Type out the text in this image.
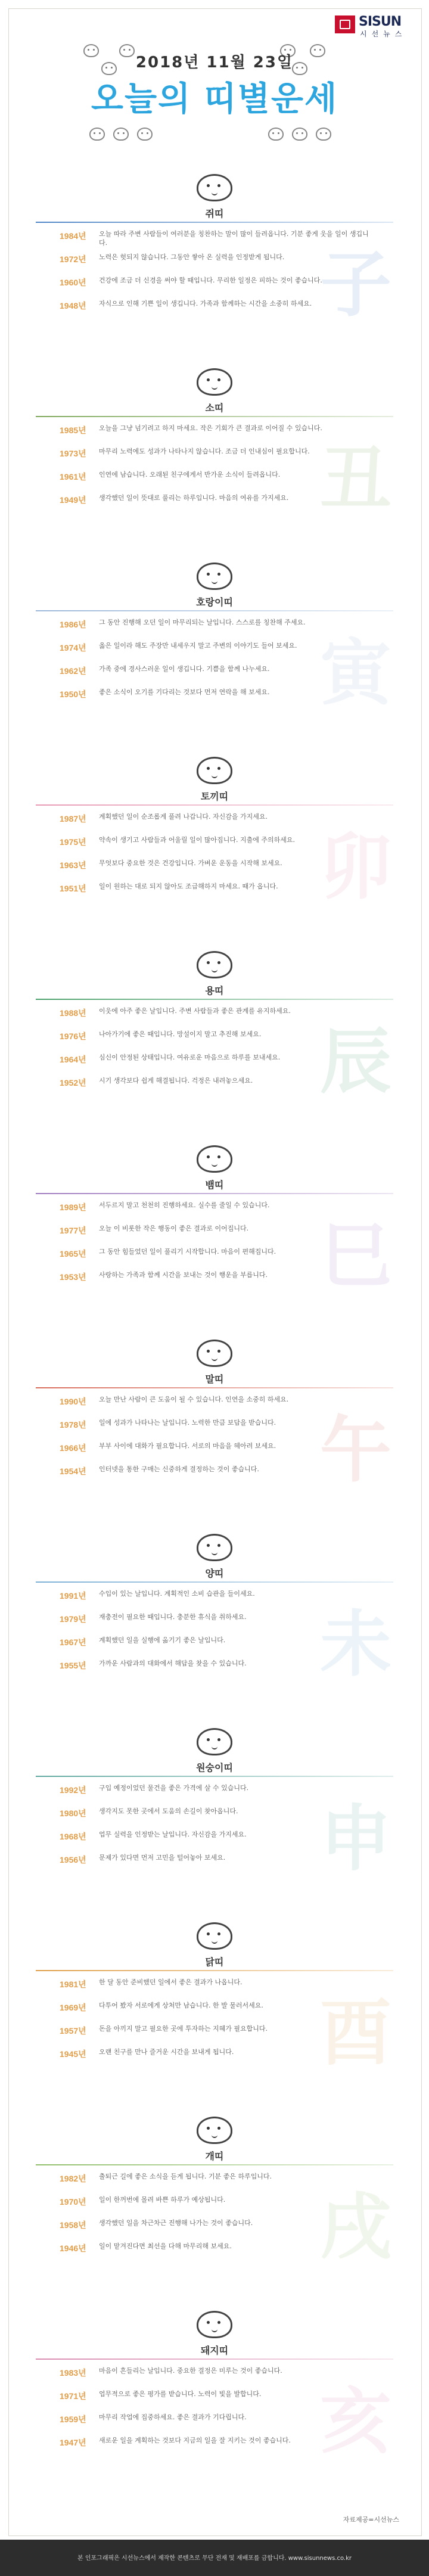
SISUN
시선뉴스
2018년 11월 23일
오늘의 띠별운세
子
쥐띠
1984년	오늘 따라 주변 사람들이 여러분을 칭찬하는 말이 많이 들려옵니다. 기분 좋게 웃을 일이 생깁니다.
1972년	노력은 헛되지 않습니다. 그동안 쌓아 온 실력을 인정받게 됩니다.
1960년	건강에 조금 더 신경을 써야 할 때입니다. 무리한 일정은 피하는 것이 좋습니다.
1948년	자식으로 인해 기쁜 일이 생깁니다. 가족과 함께하는 시간을 소중히 하세요.
丑
소띠
1985년	오늘을 그냥 넘기려고 하지 마세요. 작은 기회가 큰 결과로 이어질 수 있습니다.
1973년	마무리 노력에도 성과가 나타나지 않습니다. 조금 더 인내심이 필요합니다.
1961년	인연에 남습니다. 오래된 친구에게서 반가운 소식이 들려옵니다.
1949년	생각했던 일이 뜻대로 풀리는 하루입니다. 마음의 여유를 가지세요.
寅
호랑이띠
1986년	그 동안 진행해 오던 일이 마무리되는 날입니다. 스스로를 칭찬해 주세요.
1974년	옳은 일이라 해도 주장만 내세우지 말고 주변의 이야기도 들어 보세요.
1962년	가족 중에 경사스러운 일이 생깁니다. 기쁨을 함께 나누세요.
1950년	좋은 소식이 오기를 기다리는 것보다 먼저 연락을 해 보세요.
卯
토끼띠
1987년	계획했던 일이 순조롭게 풀려 나갑니다. 자신감을 가지세요.
1975년	약속이 생기고 사람들과 어울릴 일이 많아집니다. 지출에 주의하세요.
1963년	무엇보다 중요한 것은 건강입니다. 가벼운 운동을 시작해 보세요.
1951년	일이 원하는 대로 되지 않아도 조급해하지 마세요. 때가 옵니다.
辰
용띠
1988년	이웃에 아주 좋은 날입니다. 주변 사람들과 좋은 관계를 유지하세요.
1976년	나아가기에 좋은 때입니다. 망설이지 말고 추진해 보세요.
1964년	심신이 안정된 상태입니다. 여유로운 마음으로 하루를 보내세요.
1952년	시기 생각보다 쉽게 해결됩니다. 걱정은 내려놓으세요.
巳
뱀띠
1989년	서두르지 말고 천천히 진행하세요. 실수를 줄일 수 있습니다.
1977년	오늘 이 비롯한 작은 행동이 좋은 결과로 이어집니다.
1965년	그 동안 힘들었던 일이 풀리기 시작합니다. 마음이 편해집니다.
1953년	사랑하는 가족과 함께 시간을 보내는 것이 행운을 부릅니다.
午
말띠
1990년	오늘 만난 사람이 큰 도움이 될 수 있습니다. 인연을 소중히 하세요.
1978년	일에 성과가 나타나는 날입니다. 노력한 만큼 보답을 받습니다.
1966년	부부 사이에 대화가 필요합니다. 서로의 마음을 헤아려 보세요.
1954년	인터넷을 통한 구매는 신중하게 결정하는 것이 좋습니다.
未
양띠
1991년	수입이 있는 날입니다. 계획적인 소비 습관을 들이세요.
1979년	재충전이 필요한 때입니다. 충분한 휴식을 취하세요.
1967년	계획했던 일을 실행에 옮기기 좋은 날입니다.
1955년	가까운 사람과의 대화에서 해답을 찾을 수 있습니다.
申
원숭이띠
1992년	구입 예정이었던 물건을 좋은 가격에 살 수 있습니다.
1980년	생각지도 못한 곳에서 도움의 손길이 찾아옵니다.
1968년	업무 실력을 인정받는 날입니다. 자신감을 가지세요.
1956년	문제가 있다면 먼저 고민을 털어놓아 보세요.
酉
닭띠
1981년	한 달 동안 준비했던 일에서 좋은 결과가 나옵니다.
1969년	다투어 봤자 서로에게 상처만 남습니다. 한 발 물러서세요.
1957년	돈을 아끼지 말고 필요한 곳에 투자하는 지혜가 필요합니다.
1945년	오랜 친구를 만나 즐거운 시간을 보내게 됩니다.
戌
개띠
1982년	출퇴근 길에 좋은 소식을 듣게 됩니다. 기분 좋은 하루입니다.
1970년	일이 한꺼번에 몰려 바쁜 하루가 예상됩니다.
1958년	생각했던 일을 차근차근 진행해 나가는 것이 좋습니다.
1946년	일이 맡겨진다면 최선을 다해 마무리해 보세요.
亥
돼지띠
1983년	마음이 흔들리는 날입니다. 중요한 결정은 미루는 것이 좋습니다.
1971년	업무적으로 좋은 평가를 받습니다. 노력이 빛을 발합니다.
1959년	마무리 작업에 집중하세요. 좋은 결과가 기다립니다.
1947년	새로운 일을 계획하는 것보다 지금의 일을 잘 지키는 것이 좋습니다.
자료제공=시선뉴스
본 인포그래픽은 시선뉴스에서 제작한 콘텐츠로 무단 전재 및 재배포를 금합니다. www.sisunnews.co.kr
